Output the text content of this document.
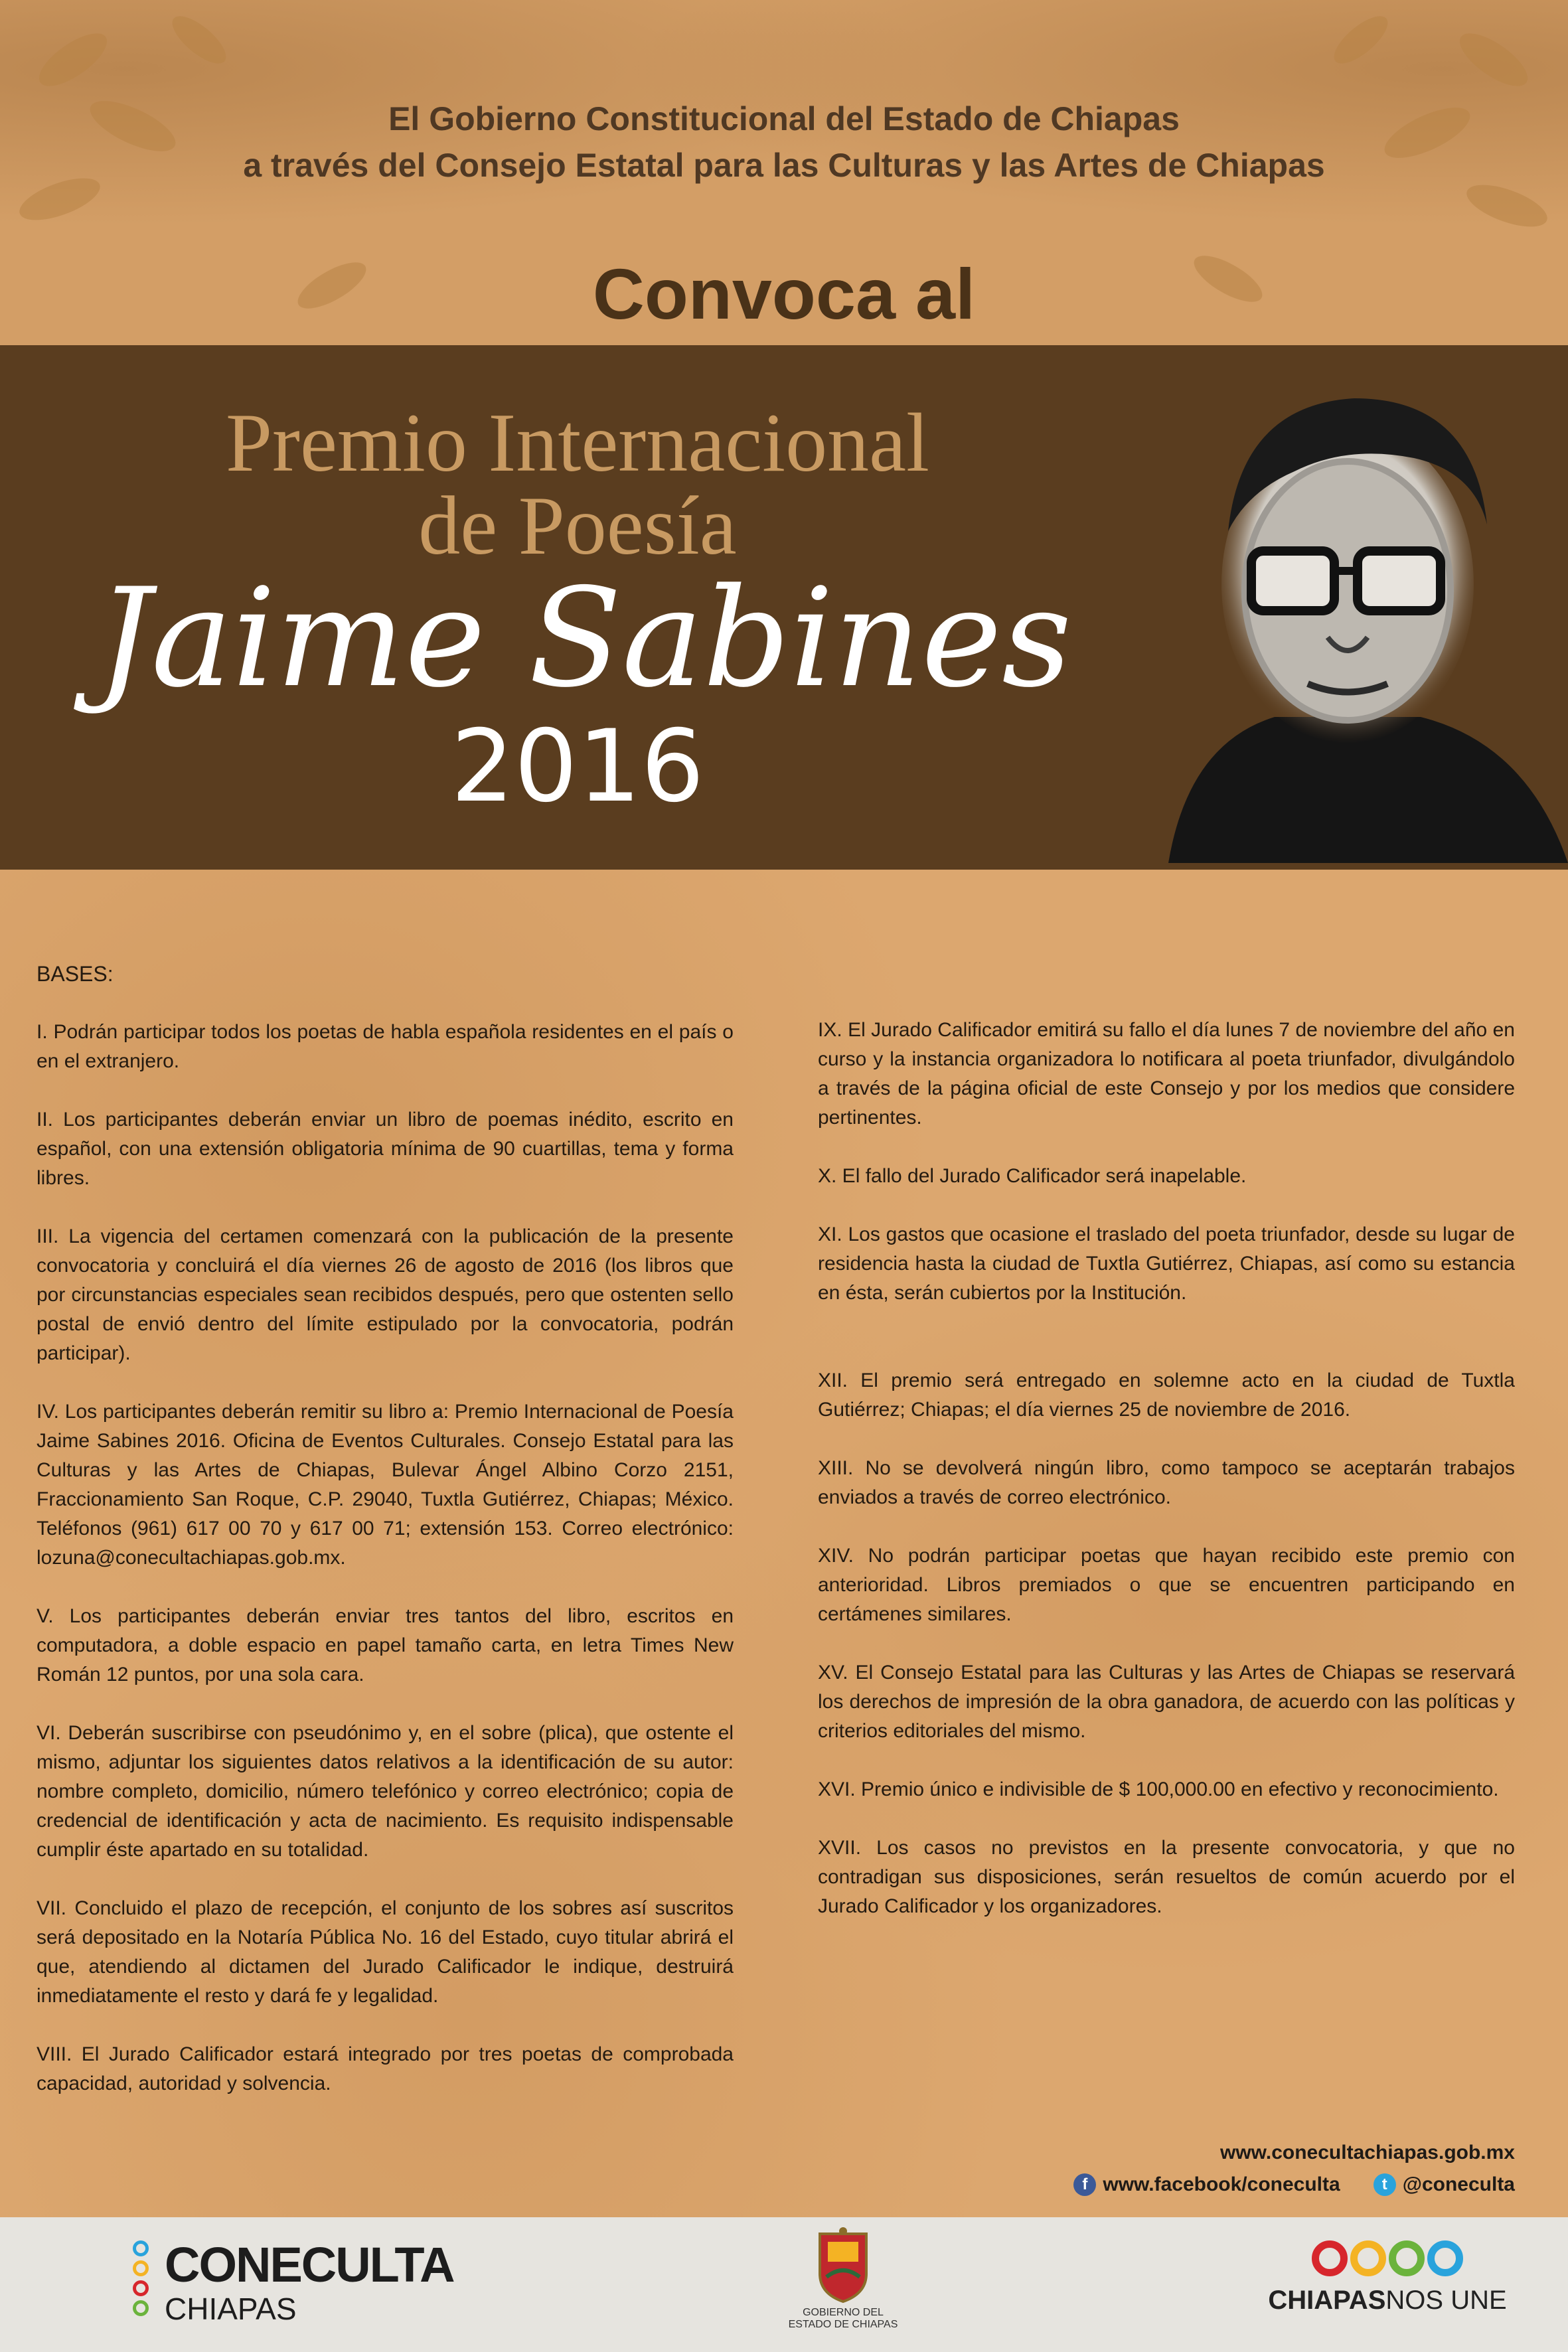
El Gobierno Constitucional del Estado de Chiapas
a través del Consejo Estatal para las Culturas y las Artes de Chiapas
Convoca al
Premio Internacional
de Poesía
Jaime Sabines
2016

BASES:

I. Podrán participar todos los poetas de habla española residentes en el país o en el extranjero.

II. Los participantes deberán enviar un libro de poemas inédito, escrito en español, con una extensión obligatoria mínima de 90 cuartillas, tema y forma libres.

III. La vigencia del certamen comenzará con la publicación de la presente convocatoria y concluirá el día viernes 26 de agosto de 2016 (los libros que por circunstancias especiales sean recibidos después, pero que ostenten sello postal de envió dentro del límite estipulado por la convocatoria, podrán participar).

IV. Los participantes deberán remitir su libro a: Premio Internacional de Poesía Jaime Sabines 2016. Oficina de Eventos Culturales. Consejo Estatal para las Culturas y las Artes de Chiapas, Bulevar Ángel Albino Corzo 2151, Fraccionamiento San Roque, C.P. 29040, Tuxtla Gutiérrez, Chiapas; México. Teléfonos (961) 617 00 70 y 617 00 71; extensión 153. Correo electrónico: lozuna@conecultachiapas.gob.mx.

V. Los participantes deberán enviar tres tantos del libro, escritos en computadora, a doble espacio en papel tamaño carta, en letra Times New Román 12 puntos, por una sola cara.

VI. Deberán suscribirse con pseudónimo y, en el sobre (plica), que ostente el mismo, adjuntar los siguientes datos relativos a la identificación de su autor: nombre completo, domicilio, número telefónico y correo electrónico; copia de credencial de identificación y acta de nacimiento. Es requisito indispensable cumplir éste apartado en su totalidad.

VII. Concluido el plazo de recepción, el conjunto de los sobres así suscritos será depositado en la Notaría Pública No. 16 del Estado, cuyo titular abrirá el que, atendiendo al dictamen del Jurado Calificador le indique, destruirá inmediatamente el resto y dará fe y legalidad.

VIII. El Jurado Calificador estará integrado por tres poetas de comprobada capacidad, autoridad y solvencia.

IX. El Jurado Calificador emitirá su fallo el día lunes 7 de noviembre del año en curso y la instancia organizadora lo notificara al poeta triunfador, divulgándolo a través de la página oficial de este Consejo y por los medios que considere pertinentes.

X. El fallo del Jurado Calificador será inapelable.

XI. Los gastos que ocasione el traslado del poeta triunfador, desde su lugar de residencia hasta la ciudad de Tuxtla Gutiérrez, Chiapas, así como su estancia en ésta, serán cubiertos por la Institución.

XII. El premio será entregado en solemne acto en la ciudad de Tuxtla Gutiérrez; Chiapas; el día viernes 25 de noviembre de 2016.

XIII. No se devolverá ningún libro, como tampoco se aceptarán trabajos enviados a través de correo electrónico.

XIV. No podrán participar poetas que hayan recibido este premio con anterioridad. Libros premiados o que se encuentren participando en certámenes similares.

XV. El Consejo Estatal para las Culturas y las Artes de Chiapas se reservará los derechos de impresión de la obra ganadora, de acuerdo con las políticas y criterios editoriales del mismo.

XVI. Premio único e indivisible de $ 100,000.00 en efectivo y reconocimiento.

XVII. Los casos no previstos en la presente convocatoria, y que no contradigan sus disposiciones, serán resueltos de común acuerdo por el Jurado Calificador y los organizadores.

www.conecultachiapas.gob.mx
f www.facebook/coneculta
	t @coneculta
CONECULTA
CHIAPAS	GOBIERNO DEL
ESTADO DE CHIAPAS
CHIAPASNOS UNE
